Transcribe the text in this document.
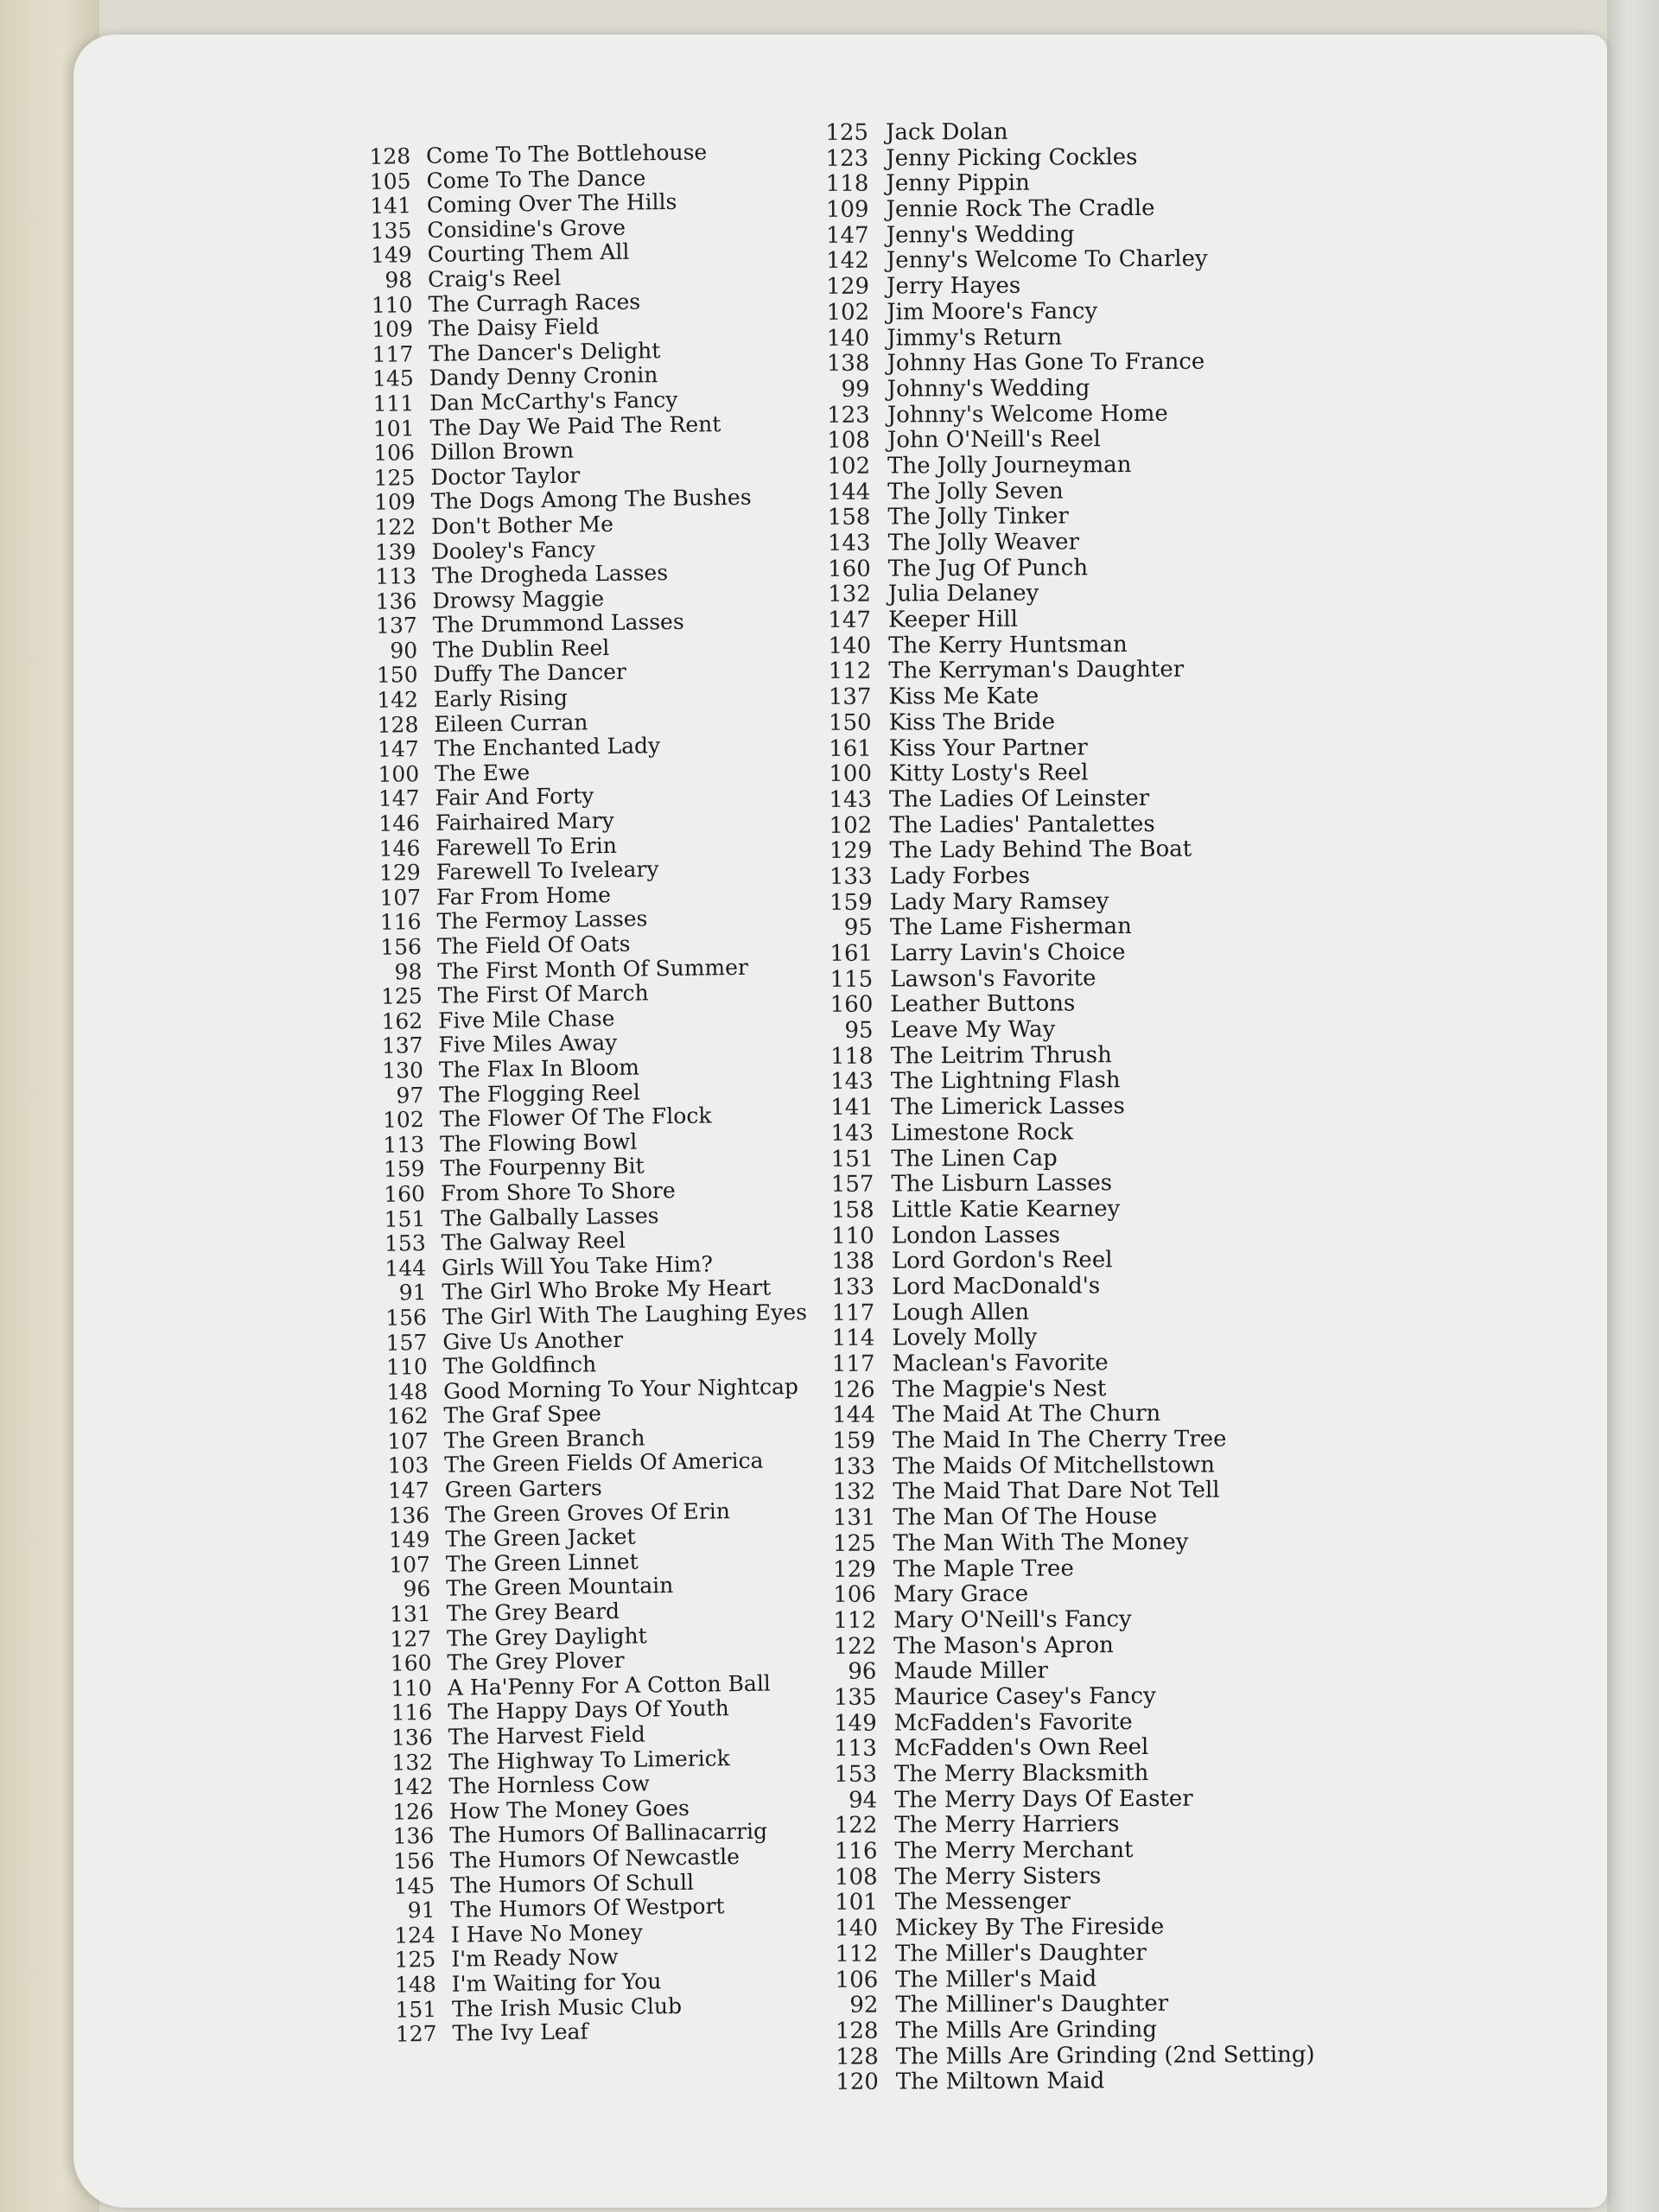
128 Come To The Bottlehouse
105 Come To The Dance
141 Coming Over The Hills
135 Considine's Grove
149 Courting Them All
98 Craig's Reel
110 The Curragh Races
109 The Daisy Field
117 The Dancer's Delight
145 Dandy Denny Cronin
111 Dan McCarthy's Fancy
101 The Day We Paid The Rent
106 Dillon Brown
125 Doctor Taylor
109 The Dogs Among The Bushes
122 Don't Bother Me
139 Dooley's Fancy
113 The Drogheda Lasses
136 Drowsy Maggie
137 The Drummond Lasses
90 The Dublin Reel
150 Duffy The Dancer
142 Early Rising
128 Eileen Curran
147 The Enchanted Lady
100 The Ewe
147 Fair And Forty
146 Fairhaired Mary
146 Farewell To Erin
129 Farewell To Iveleary
107 Far From Home
116 The Fermoy Lasses
156 The Field Of Oats
98 The First Month Of Summer
125 The First Of March
162 Five Mile Chase
137 Five Miles Away
130 The Flax In Bloom
97 The Flogging Reel
102 The Flower Of The Flock
113 The Flowing Bowl
159 The Fourpenny Bit
160 From Shore To Shore
151 The Galbally Lasses
153 The Galway Reel
144 Girls Will You Take Him?
91 The Girl Who Broke My Heart
156 The Girl With The Laughing Eyes
157 Give Us Another
110 The Goldfinch
148 Good Morning To Your Nightcap
162 The Graf Spee
107 The Green Branch
103 The Green Fields Of America
147 Green Garters
136 The Green Groves Of Erin
149 The Green Jacket
107 The Green Linnet
96 The Green Mountain
131 The Grey Beard
127 The Grey Daylight
160 The Grey Plover
110 A Ha'Penny For A Cotton Ball
116 The Happy Days Of Youth
136 The Harvest Field
132 The Highway To Limerick
142 The Hornless Cow
126 How The Money Goes
136 The Humors Of Ballinacarrig
156 The Humors Of Newcastle
145 The Humors Of Schull
91 The Humors Of Westport
124 I Have No Money
125 I'm Ready Now
148 I'm Waiting for You
151 The Irish Music Club
127 The Ivy Leaf
125 Jack Dolan
123 Jenny Picking Cockles
118 Jenny Pippin
109 Jennie Rock The Cradle
147 Jenny's Wedding
142 Jenny's Welcome To Charley
129 Jerry Hayes
102 Jim Moore's Fancy
140 Jimmy's Return
138 Johnny Has Gone To France
99 Johnny's Wedding
123 Johnny's Welcome Home
108 John O'Neill's Reel
102 The Jolly Journeyman
144 The Jolly Seven
158 The Jolly Tinker
143 The Jolly Weaver
160 The Jug Of Punch
132 Julia Delaney
147 Keeper Hill
140 The Kerry Huntsman
112 The Kerryman's Daughter
137 Kiss Me Kate
150 Kiss The Bride
161 Kiss Your Partner
100 Kitty Losty's Reel
143 The Ladies Of Leinster
102 The Ladies' Pantalettes
129 The Lady Behind The Boat
133 Lady Forbes
159 Lady Mary Ramsey
95 The Lame Fisherman
161 Larry Lavin's Choice
115 Lawson's Favorite
160 Leather Buttons
95 Leave My Way
118 The Leitrim Thrush
143 The Lightning Flash
141 The Limerick Lasses
143 Limestone Rock
151 The Linen Cap
157 The Lisburn Lasses
158 Little Katie Kearney
110 London Lasses
138 Lord Gordon's Reel
133 Lord MacDonald's
117 Lough Allen
114 Lovely Molly
117 Maclean's Favorite
126 The Magpie's Nest
144 The Maid At The Churn
159 The Maid In The Cherry Tree
133 The Maids Of Mitchellstown
132 The Maid That Dare Not Tell
131 The Man Of The House
125 The Man With The Money
129 The Maple Tree
106 Mary Grace
112 Mary O'Neill's Fancy
122 The Mason's Apron
96 Maude Miller
135 Maurice Casey's Fancy
149 McFadden's Favorite
113 McFadden's Own Reel
153 The Merry Blacksmith
94 The Merry Days Of Easter
122 The Merry Harriers
116 The Merry Merchant
108 The Merry Sisters
101 The Messenger
140 Mickey By The Fireside
112 The Miller's Daughter
106 The Miller's Maid
92 The Milliner's Daughter
128 The Mills Are Grinding
128 The Mills Are Grinding (2nd Setting)
120 The Miltown Maid
